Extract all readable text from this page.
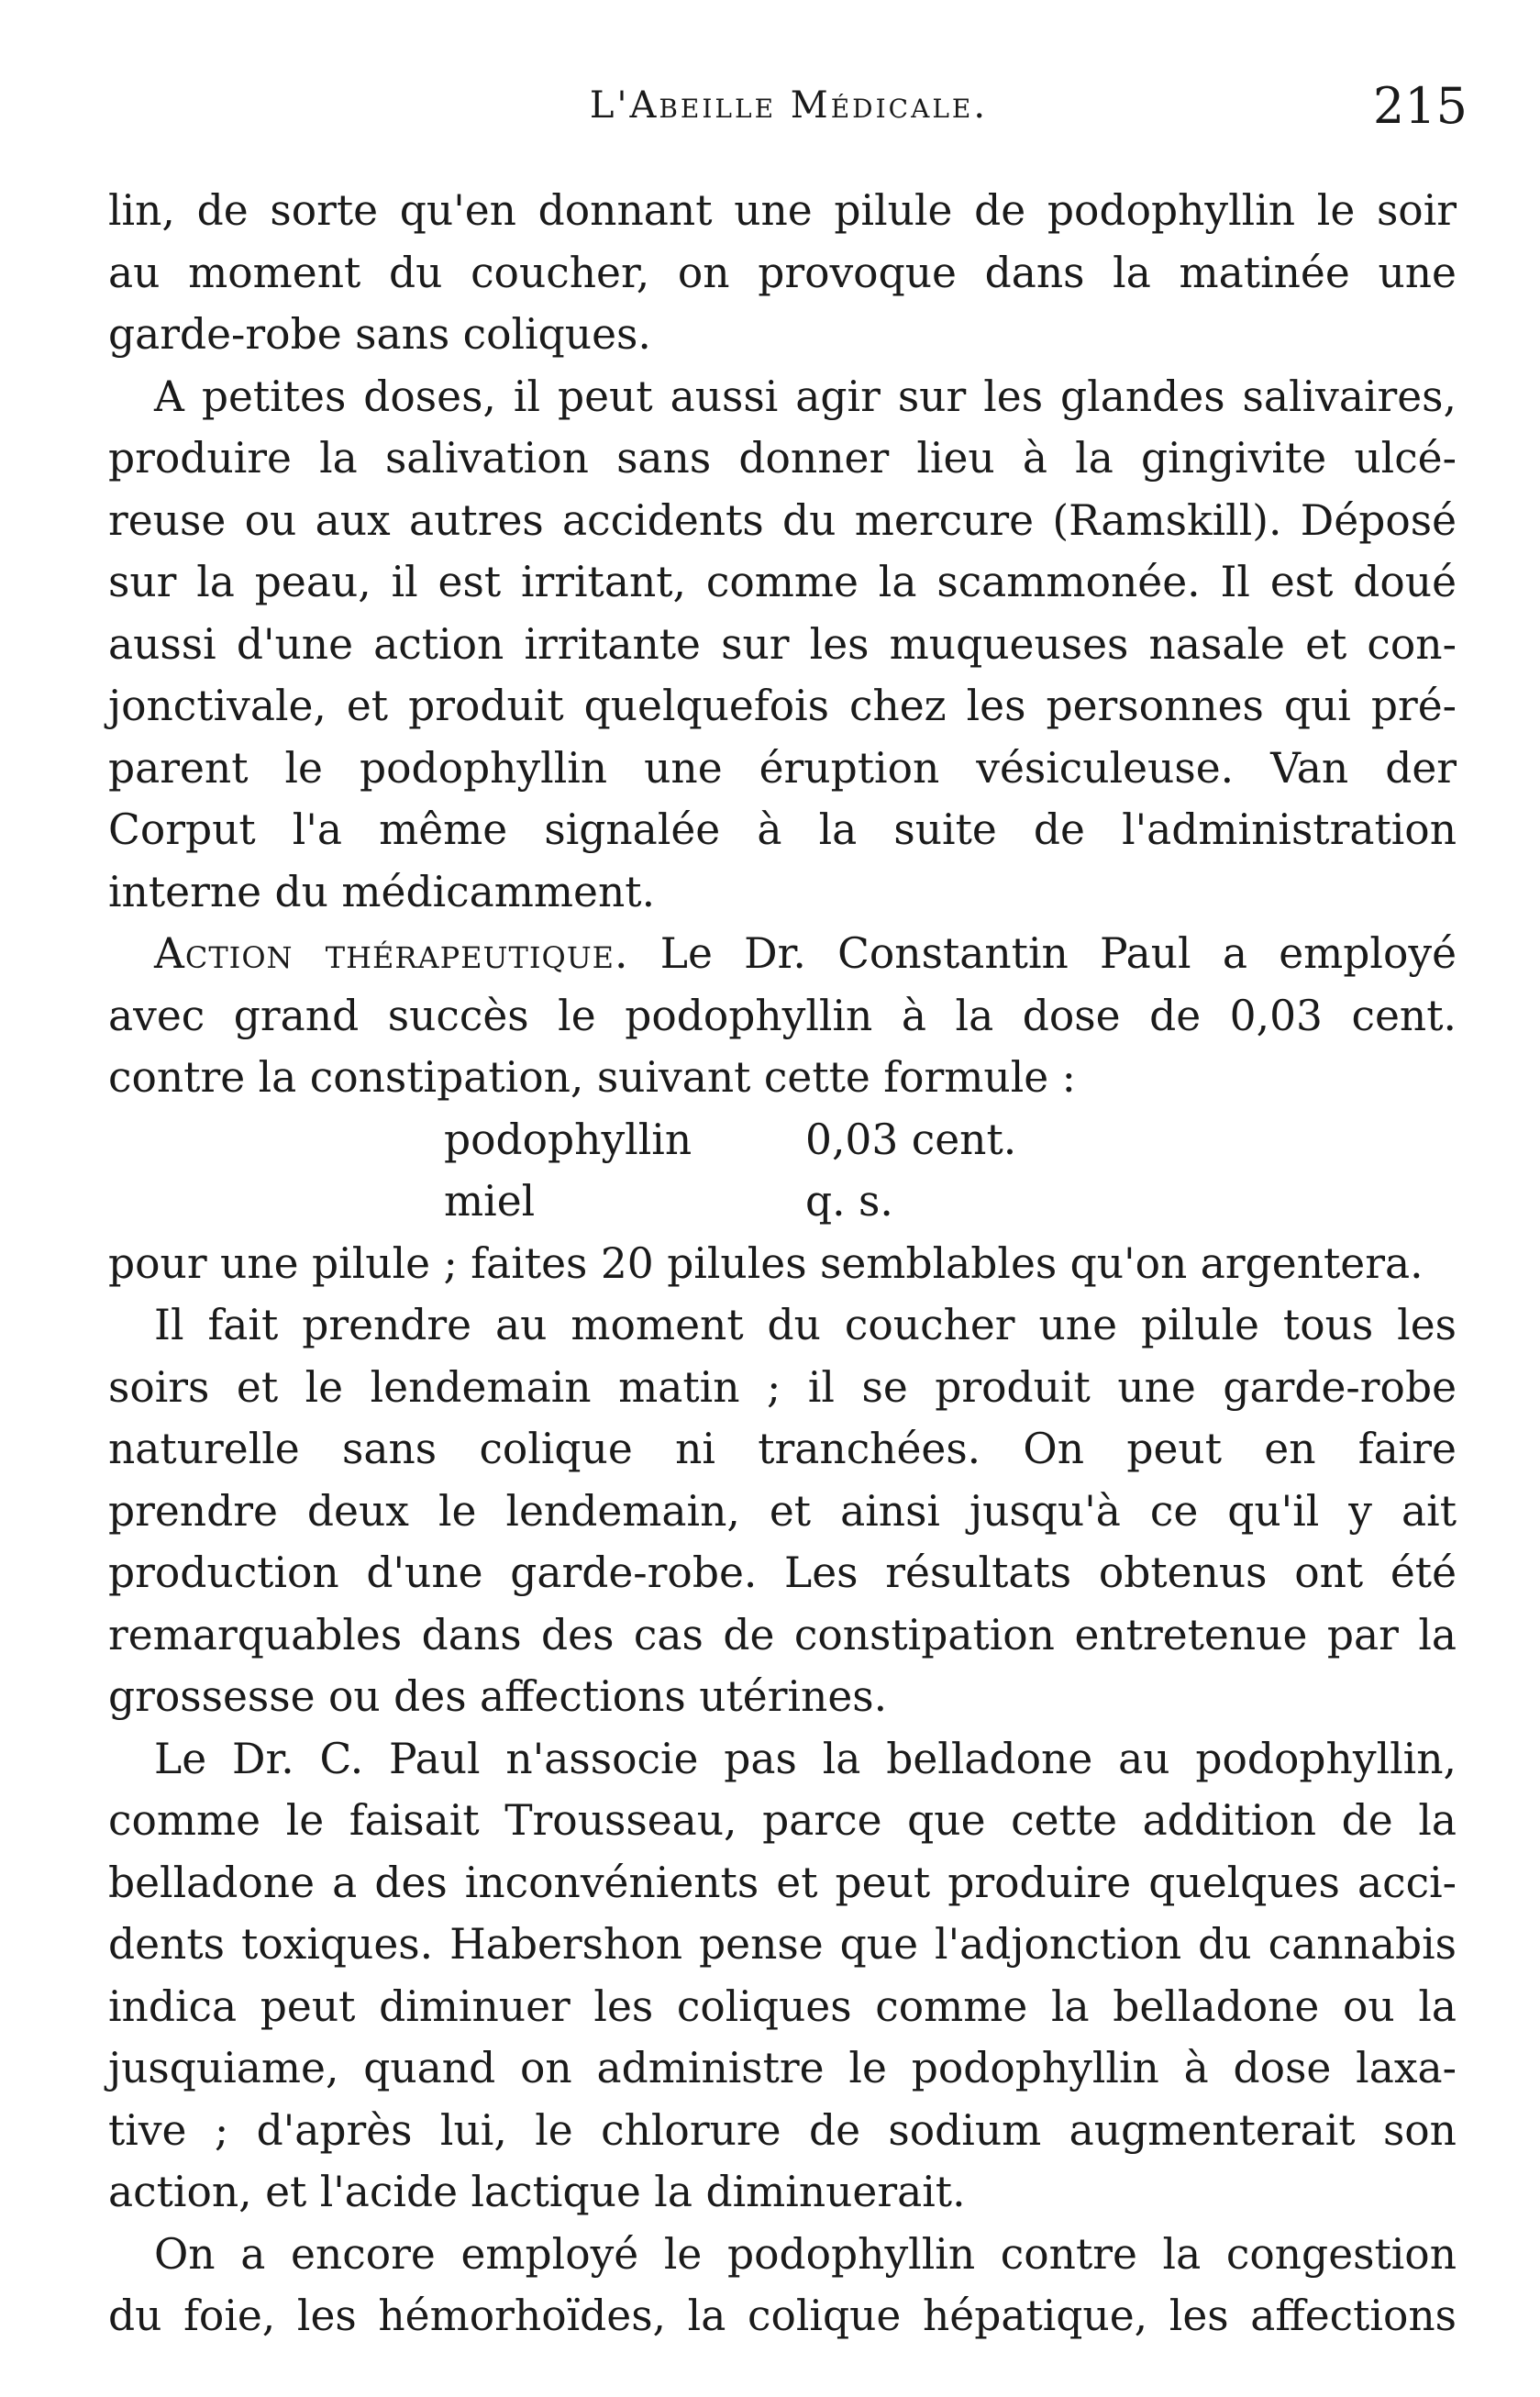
L'Abeille Médicale.	215
lin, de sorte qu'en donnant une pilule de podophyllin le soir
au moment du coucher, on provoque dans la matinée une
garde-robe sans coliques.
A petites doses, il peut aussi agir sur les glandes salivaires,
produire la salivation sans donner lieu à la gingivite ulcé-
reuse ou aux autres accidents du mercure (Ramskill). Déposé
sur la peau, il est irritant, comme la scammonée. Il est doué
aussi d'une action irritante sur les muqueuses nasale et con-
jonctivale, et produit quelquefois chez les personnes qui pré-
parent le podophyllin une éruption vésiculeuse. Van der
Corput l'a même signalée à la suite de l'administration
interne du médicamment.
Action thérapeutique. Le Dr. Constantin Paul a employé
avec grand succès le podophyllin à la dose de 0,03 cent.
contre la constipation, suivant cette formule :
podophyllin	0,03 cent.
miel	q. s.
pour une pilule ; faites 20 pilules semblables qu'on argentera.
Il fait prendre au moment du coucher une pilule tous les
soirs et le lendemain matin ; il se produit une garde-robe
naturelle sans colique ni tranchées. On peut en faire
prendre deux le lendemain, et ainsi jusqu'à ce qu'il y ait
production d'une garde-robe. Les résultats obtenus ont été
remarquables dans des cas de constipation entretenue par la
grossesse ou des affections utérines.
Le Dr. C. Paul n'associe pas la belladone au podophyllin,
comme le faisait Trousseau, parce que cette addition de la
belladone a des inconvénients et peut produire quelques acci-
dents toxiques. Habershon pense que l'adjonction du cannabis
indica peut diminuer les coliques comme la belladone ou la
jusquiame, quand on administre le podophyllin à dose laxa-
tive ; d'après lui, le chlorure de sodium augmenterait son
action, et l'acide lactique la diminuerait.
On a encore employé le podophyllin contre la congestion
du foie, les hémorhoïdes, la colique hépatique, les affections
